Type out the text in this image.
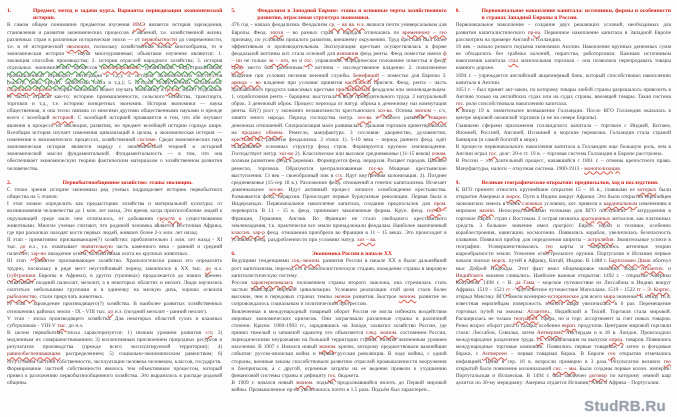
1.	Предмет, метод и задачи курса. Варианты периодизации экономической истории.
В самом общем понимании предметом изучения ИМЭ является история зарождения, становления и развития экономических процессов и явлений, т.е. хозяйственной жизни, различных стран в различные исторические эпохи — от первобытности до современности, т.е. в её исторической эволюции, поскольку хозяйственная жизнь многообразна, то и экономическая история — наука многоуровневая; объектами изучения являются: 1. эволюция способов производства; 2. история отраслей народного хозяйства; 3. история отдельных экономических процессов (кооперирование, урбанизация, индустриализация, промышленный переворот, интеграция и т.д.); 4. история экономических институтов (налоги, цены, кредит, заработная плата и т.д.); 5. история хозяйственных механизмов. Подобным образом история экономики может изучать экономику в целом, может отдельные её части, отрасли как-то: историю промышленности, сельского хозяйства, транспорта, торговли и т.д., т.е. историю конкретных экономик. История экономики — наука общественная, и она тесно связана со многими другими общественными науками и прежде всего с всеобщей историей. С всеобщей историей проявляется в том, что обе изучают явления в процессе их эволюции, развития, но предмет всеобщей истории гораздо шире. Всеобщая история изучает изменения цивилизаций в целом, а экономическая история — изменения в экономических процессах, хозяйственной системе. Среди экономических наук экономическая история является наряду с экономической теорией и историей экономической мысли фундаментальной. Фундаментальность — в том, что она обеспечивает экономическую теорию фактическим материалом о хозяйственном развитии человечества.
2.	Первобытнообщинное хозяйство: этапы эволюции.
С точки зрения истории экономики ряд ученых подразделяет историю первобытного общества на 5 этапов:
I этап можно определить как предысторию хозяйства и материальной культуры: от возникновения человечества до 1 млн. лет назад. Это время, когда приспособление людей к окружающей среде мало чем отличалось, от добывания средств к существованию животными. Многие ученые считают, что родиной человека является Восточная Африка, где при раскопках находят кости первых людей, живших более 2-х млн. лет назад.
II этап - примитивно присваивающее(?) хозяйство: приблизительно 1 млн. лет назад - XI тыс. до н.э., т.е. охватывает значительную часть каменного века - ранний и средний палеолит; хар-но овладение огнем, коллективная охота на крупных животных.
III этап - развитое присваивающее хозяйство. Хронологически рамки его определить трудно, поскольку в ряде мест неустойчивый период закончился в XX тыс. до н.э. (субтропики Европы и Африки), в других (тропиках) продолжается до наших времен. Охватывает поздний палеолит, мезолит, а в некоторых областях и неолит. Люди научились охотиться небольшими группами и в одиночку на мелкую дичь, хорошо освоили рыболовство, стали приручать животных.
IV этап - зарождение производящего(?) хозяйства. В наиболее развитых хозяйственных отношениях районах земли - IX - VIII тыс. до н.э. (поздний мезолит - ранний неолит).
V этап - эпоха производящего хозяйства. Для некоторых областей сухих и влажных субтропиков - VIII-V тыс. до н.э.
В целом первобытная эпоха характеризуется: 1) низким уровнем развития с/х; 2) медленным их совершенствованием; 3) коллективным присвоением природных ресурсов и результатов производства (прежде всего эксплуатируемой территории); 4) равнообеспечивающим распределением; 5) социально-экономическим равенством; 6) отсутствием частной собственности, эксплуатации человека человеком, классов, государств.
Формирование частной собственности явилось тем объективным процессом, который привел к разложению первобытнообщинного хозяйства. Это выразилось в распаде родовой общины.
5.	Феодализм в Западной Европе: этапы и основные черты хозяйственного развития, отраслевая структура экономики.
476 год – начало феодализма. Феодализм ср. – ик вв. н.э. являлся почти универсальным для Европы. Феод. эпохи – во разных стран и народов отличались по временному – гео признаку, по условиям прошлого развития, внешнему окружению. Труд крестьян был более эффективным и производительным. Эксплуатация крестьян осуществлялась в форме феодальной вотчины кот. стала основой для взимания феод ренты. Феод поместье имело ф – ии не только эк – ого, но и гос. управления. Юридическое положение поместья в феод. среде место был различным: 1. вотчина – наследственное владение. 2. пожизненное владение при условии несения военной службы. Бенефиций – поместье для Европы 3. аренда – во владение при условии принятия вассальной присяги. Феод. рента – часть прибавочного продукта зависимых крестьян присваиваемая феодалом или землевладельцем. 1. отработочная рента – барщина: выступала в виде принудительного труда. 2 натуральный оброк. 3 денежный оброк. Процесс перехода от натур. оброка к денежному наз коммутация ренты. Её(?) рост у экономич независимости крестьянского хоз-ва. Основа эконом – с/х, занято много народа. Период господства натур. хоз-ва и слабого развития товарно денежных отношений. Специализация мало развивалась. Дальняя торговля ориентировалась на продажу обмена. Ремесло, мануфактура. 3 сословия: дворянство, духовенство, крестьянство; развитие феодализма. 3 этапа: 1). 5-10 века – период раннего феод. идёт складывание основных структур феод строя. Формируется крупное землевладение. Господствует натур. хоз-во 2). Классическое или высокое средневековье (11-15 веков) ознам. полным развитием феод в деревнях. Формируется феод. иерархия. Расцвет городов. Цеховое ремесло, торговля. Образуются централизованные гос-ва Мощные крестьянские выступления. 13 век – своеобразный пик в с/х. Идут внутренняя колонизация. 3). Позднее средневековье (15-сер 18 в.). Разложение феод. отношений и генезис капитализма. Исчезает домениальное хоз-во. Идут активный процесс личного освобождения крестьянства. Размывается феод. иерархия. Происходят первые буржуазные революции. Первая была в Нидерландах. Первоначальное накопление капитала, создание предпосылок для пром. переворота. В 11 – 15 в. феод. принимает законченные формы. Круп. феод. гос-ва – Франция, Германия, Англия. Во Франции не стало свободного крестьянского землевладения, т.к. практически все земли принадлежали феодалам. Наиболее законченный классич. хар-р феод. отношения приобрели во Франции в 11 – 15 веках. Это происходит в условиях феод. раздробленности при условиях натур. хоз – ва.
6.	Экономика России в начале XX
Ведущими тенденциями соц.-эконом. развития России в начале XX в были дальнейший рост капитализма, переход его в монополистическую стадию, вхождение страны в мировую капиталистическую систему.
Россия характеризовалась положением страны второго эшелона, она стремилась стать частью авангарда мировой цивилизации. Условием реализации этой цели стали более высокие, чем в передовых странах темпы эконом развития. Быстрое эконом. развитие не сопровождалось социальным и политическим прогрессом.
Вовлеченная в международный товарный оборот Россия не могла избежать воздействия мировых экономических кризисов. Они затрагивали различные страны в различной степени. Кризис 1900-1903 гг., зародившись на Западе, захватил хозяйство России, где принял тяжелый и затяжной характер что объясняется след. эконом. состоянием России, периодическими неурожаями на большой территории страны, низким жизненным уровнем населения. В 1907 г. Начался новый эконом. кризис, которому предшествовали важнейшие события: русско-японская война и первая русская революция. В ходе войны, с одной стороны, военные заказы способствовали развитию отраслей промышленности вооружения и боеприпасов, а с другой, огромные затраты на ее ведение привели к ухудшению финансовой системы страны и дефициту гос. бюджета.
В 1909 г. начался новый эконом. подъем, продолжавшийся вплоть до Первой мировой войны. Промышленное пр-во увеличилось почти в 1.5 раза. Подъём был характерен...
8.	Первоначальное накопление капитала: источники, формы и особенности в странах Западной Европы и России.
Первоначальное накопление – создание двух решающих условий, необходимых для развития капиталистического пр-ва. Первичное накопление капитала в Западной Европе рассмотрим на примере Англии и Голландии.
16 век – начало резкого подъема экономики Англии. Накопление крупных денежных сумм не обходилось без грабежа колоний, пиратства, работорговли. Важным источником накопления капитала стал монопольная торговля – она позволяла перепродавать товары намного дороже.
1694 г. – учреждается английский акционерный банк, который способствовал накоплению капитала в Англии.
1651 г. – был принят акт-закон, по которому товары любой страны разрешалось привозить в Англию только на английских судах или на судах страны, ввозящей товары. Такая система гос. роли способствовала накоплению капитала.
К концу 19 в. значительное возвышение Голландии. После ВГО Голландия оказалась в центре мировой океанской торговли (а не на севере Европы).
Главными сферами приложения голландского капитала – торговля с Индией, Китаем, Японией, Россией, Англией, Испанией и морские перевозки. Голландия стала страной банкиров (и самой богатой в мире).
В процессе первоначального накопления капитала в Голландии еще большую роль, чем в Англии играл гос. долг: 20-е гг. 19 в. – торговая система Голландии в Европе расстроена.
В России – это длительный процесс, начавшийся с 1861 г. – отмены крепостного права. Мануфактуры, налоги – откупная система. 1900-1913 - монополизация.
9.	Великие географические открытия: предпосылки, ход и последствия.
К ВГО принято относить крупнейшие открытия 15 – 16 в., главными из которых были открытие Америки и морск. Пути в Индию вокруг Африки. Это были открытия европейцев заокеанских земель в очень сложных условиях, кот. привели к кардинальным изменениям в мировом жизни. Непосредственными толчками для ВГО послужили: 1. затруднения в торговле Европ. стран с Востоком. 2 острая нехватка драгоценных металлов, как платежных средств. 3 большое значение имел прогресс Европ. науки и техники, особенно кораблестроения, навигации, космогонии. Появились корабли, увеличилась безопасность плавания. Появился прибор для определения широты – астролябия. Значительные успехи в географии. Усовершенствовались гео карты и возродились античные теории шарообразности земли. Усвоение огнестрельного оружия. Португалия и Испания первые начали поиски морск. путей в Африку, Китай, Индию. В 1488 г. Бартоломео Диаш обогнул мыс Доброй Надежды. Этот факт имел общемировое значение. Воды Атлантич. и Индийского океанов сливались. Наиболее важные открытия: 1492 г. - открытие Америки Колумбом. 1498 г. – В. да Гама – морское путешествие из Лиссабона в Индию вокруг Африки. 1519 – 1521 гг – кругосветное путешествие Магеллана. 1519 – 1522 гг – Э. Кортес, открыл Мексику. ВГО имели всемирно-историческое для всего мира значение. К концу 16 в. известная европейцам поверхность земного шара увеличилась в 6 раз. Перемещение торговых путей на океаны: Атлантич., Индийский и Тихий. Торговля стала мировой. Расширилась не только географич. сфера, но и торг. ассортимент за счет новых товаров. Резко возрос оборот риса и сахара; особенно европ. продуктов. Центрами мировой торговли стали: Лиссабон, Севилья, затем Антверпен, Амстердам и в 18 в. Лондон. Происходило международное разделение труда, т.е. специализация на выпуске опред. товаров. Появились международные торговые компании. Появились первые товарные, а затем и фондовые биржи, с Антверпен – первая товарная биржа. В Европе гео открытия отмечались инфляцией. Цены в сер. 16 в. возросли примерно в 3 раза. Результатом великих гео открытий было появление колониальной сис. – мы. Были созданы первые колон. империи: Португальская и Испанская. В 1494 г. был заключен договор по которому земной шар делится по 30-му меридиану: Америка отдается Испании, Азия и Африка - Португалии.
StudRB.Ru
